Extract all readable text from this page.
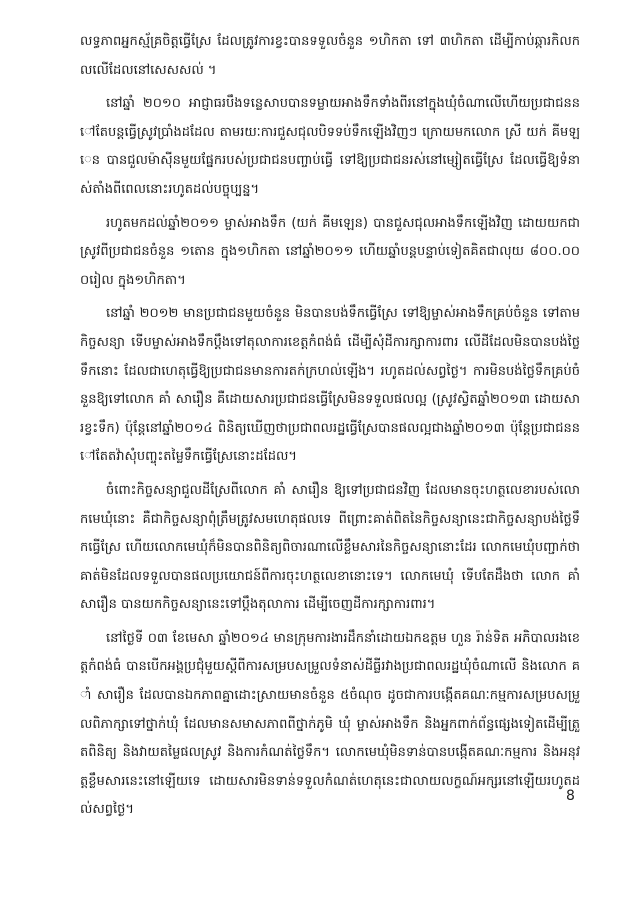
លទ្ធភាពអ្នកស្ម័គ្រចិត្តធ្វើស្រែ ដែលត្រូវការខ្វះបានទទួលចំនួន ១ហិកតា ទៅ ៣ហិកតា ដើម្បីកាប់ឆ្ការកិលកលលើដែលនៅសេសសល់ ។

នៅឆ្នាំ ២០១០ អាជ្ញាធរបឹងទន្លេសាបបានទម្លាយអាងទឹកទាំងពីរនៅក្នុងឃុំចំណាលើហើយប្រជាជននៅតែបន្តធ្វើស្រូវប្រាំងដដែល តាមរយៈការជួសជុលបិទទប់ទឹកឡើងវិញៗ ក្រោយមកលោក ស្រី យក់ គីមឡេន បានជួលម៉ាស៊ីនមួយផ្នែករបស់ប្រជាជនបញ្ចាប់ធ្វើ ទៅឱ្យប្រជាជនរស់នៅម្សៀតធ្វើស្រែ ដែលធ្វើឱ្យទំនាស់តាំងពីពេលនោះរហូតដល់បច្ចុប្បន្ន។

រហូតមកដល់ឆ្នាំ២០១១ ម្ចាស់អាងទឹក (យក់ គីមឡេន) បានជួសជុលអាងទឹកឡើងវិញ ដោយយកជាស្រូវពីប្រជាជនចំនួន ១តោន ក្នុង១ហិកតា នៅឆ្នាំ២០១១ ហើយឆ្នាំបន្តបន្ទាប់ទៀតគិតជាលុយ ៨០០.០០០រៀល ក្នុង១ហិកតា។

នៅឆ្នាំ ២០១២ មានប្រជាជនមួយចំនួន មិនបានបង់ទឹកធ្វើស្រែ ទៅឱ្យម្ចាស់អាងទឹកគ្រប់ចំនួន ទៅតាមកិច្ចសន្យា ទើបម្ចាស់អាងទឹកប្តឹងទៅតុលាការខេត្តកំពង់ធំ ដើម្បីសុំដីការក្សាការពារ លើដីដែលមិនបានបង់ថ្លៃទឹកនោះ ដែលជាហេតុធ្វើឱ្យប្រជាជនមានការតក់ក្រហល់ឡើង។ រហូតដល់សព្វថ្ងៃ។ ការមិនបង់ថ្លៃទឹកគ្រប់ចំនួនឱ្យទៅលោក គាំ សារឿន គឺដោយសារប្រជាជនធ្វើស្រែមិនទទួលផលល្អ (ស្រូវស្វិតឆ្នាំ២០១៣ ដោយសារខ្វះទឹក) ប៉ុន្តែនៅឆ្នាំ២០១៤ ពិនិត្យឃើញថាប្រជាពលរដ្ឋធ្វើស្រែបានផលល្អជាងឆ្នាំ២០១៣ ប៉ុន្តែប្រជាជននៅតែតវ៉ាសុំបញ្ចុះតម្លៃទឹកធ្វើស្រែនោះដដែល។

ចំពោះកិច្ចសន្យាជួលដីស្រែពីលោក គាំ សារឿន ឱ្យទៅប្រជាជនវិញ ដែលមានចុះហត្ថលេខារបស់លោកមេឃុំនោះ គឺជាកិច្ចសន្យាពុំត្រឹមត្រូវសមហេតុផលទេ ពីព្រោះគាត់ពិតនៃកិច្ចសន្យានេះជាកិច្ចសន្យាបង់ថ្លៃទឹកធ្វើស្រែ ហើយលោកមេឃុំក៏មិនបានពិនិត្យពិចារណាលើខ្លឹមសារនៃកិច្ចសន្យានោះដែរ លោកមេឃុំបញ្ជាក់ថា គាត់មិនដែលទទួលបានផលប្រយោជន៍ពីការចុះហត្ថលេខានោះទេ។ លោកមេឃុំ ទើបតែដឹងថា លោក គាំ សារឿន បានយកកិច្ចសន្យានេះទៅប្តឹងតុលាការ ដើម្បីចេញដីការក្សាការពារ។

នៅថ្ងៃទី ០៣ ខែមេសា ឆ្នាំ២០១៤ មានក្រុមការងារដឹកនាំដោយឯកឧត្តម ហួន រ៉ាន់ទិត អភិបាលរងខេត្តកំពង់ធំ បានបើកអង្គប្រជុំមួយស្តីពីការសម្របសម្រួលទំនាស់ដីធ្លីរវាងប្រជាពលរដ្ឋឃុំចំណាលើ និងលោក គាំ សារឿន ដែលបានឯកភាពគ្នាដោះស្រាយមានចំនួន ៥ចំណុច ដូចជាការបង្កើតគណៈកម្មការសម្របសម្រួលពិភាក្សាទៅថ្នាក់ឃុំ ដែលមានសមាសភាពពីថ្នាក់ភូមិ ឃុំ ម្ចាស់អាងទឹក និងអ្នកពាក់ព័ន្ធផ្សេងទៀតដើម្បីត្រួតពិនិត្យ និងវាយតម្លៃផលស្រូវ និងការកំណត់ថ្លៃទឹក។ លោកមេឃុំមិនទាន់បានបង្កើតគណៈកម្មការ និងអនុវត្តខ្លឹមសារនេះនៅឡើយទេ ដោយសារមិនទាន់ទទួលកំណត់ហេតុនេះជាលាយលក្ខណ៍អក្សរនៅឡើយរហូតដល់សព្វថ្ងៃ។

8
